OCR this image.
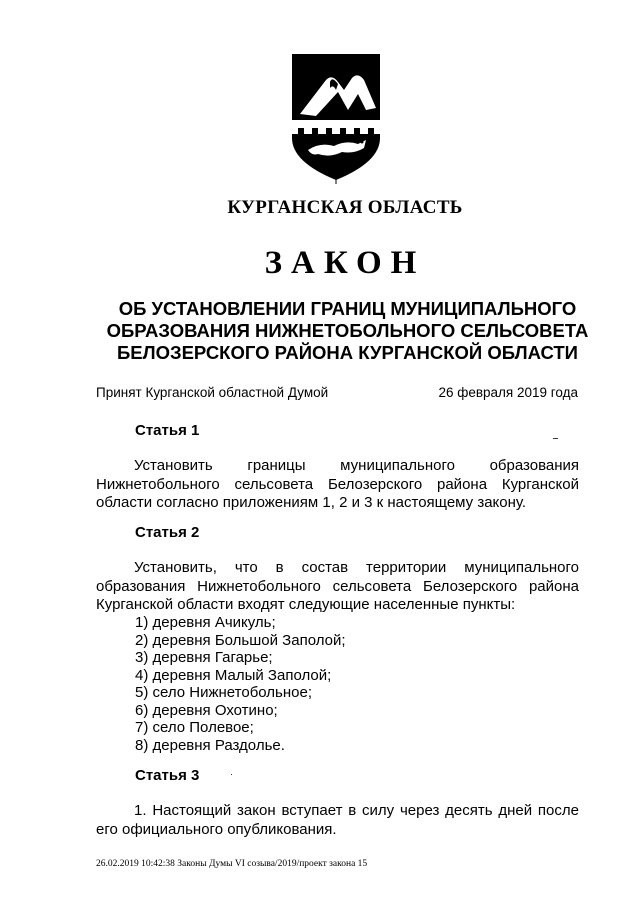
КУРГАНСКАЯ ОБЛАСТЬ
ЗАКОН
ОБ УСТАНОВЛЕНИИ ГРАНИЦ МУНИЦИПАЛЬНОГО
ОБРАЗОВАНИЯ НИЖНЕТОБОЛЬНОГО СЕЛЬСОВЕТА
БЕЛОЗЕРСКОГО РАЙОНА КУРГАНСКОЙ ОБЛАСТИ
Принят Курганской областной Думой	26 февраля 2019 года
Статья 1
Установить границы муниципального образования Нижнетобольного сельсовета Белозерского района Курганской области согласно приложениям 1, 2 и 3 к настоящему закону.
Статья 2
Установить, что в состав территории муниципального образования Нижнетобольного сельсовета Белозерского района Курганской области входят следующие населенные пункты:
1) деревня Ачикуль;
2) деревня Большой Заполой;
3) деревня Гагарье;
4) деревня Малый Заполой;
5) село Нижнетобольное;
6) деревня Охотино;
7) село Полевое;
8) деревня Раздолье.
Статья 3
1. Настоящий закон вступает в силу через десять дней после его официального опубликования.
26.02.2019 10:42:38 Законы Думы VI созыва/2019/проект закона 15
